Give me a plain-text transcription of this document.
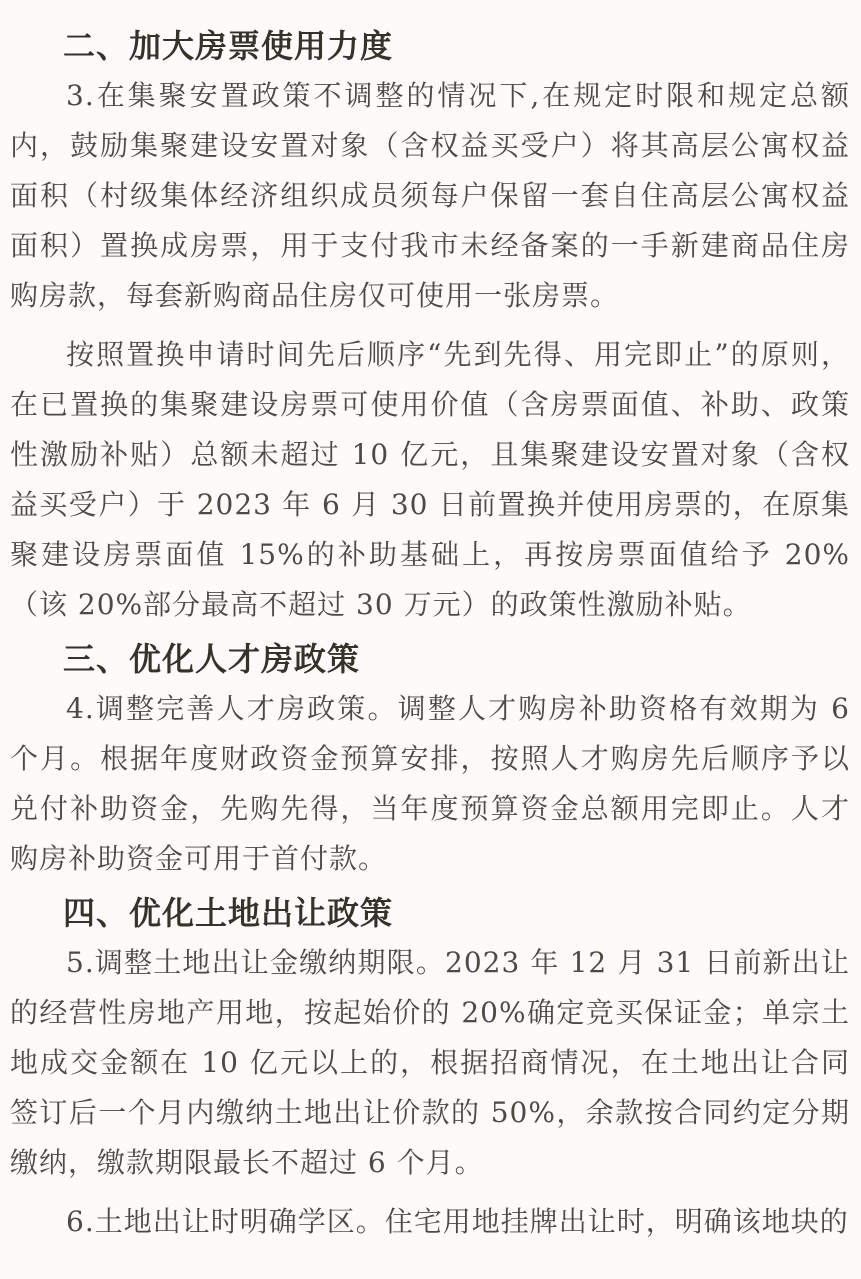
二、加大房票使用力度
3.在集聚安置政策不调整的情况下,在规定时限和规定总额内，鼓励集聚建设安置对象（含权益买受户）将其高层公寓权益面积（村级集体经济组织成员须每户保留一套自住高层公寓权益面积）置换成房票，用于支付我市未经备案的一手新建商品住房购房款，每套新购商品住房仅可使用一张房票。
按照置换申请时间先后顺序“先到先得、用完即止”的原则，在已置换的集聚建设房票可使用价值（含房票面值、补助、政策性激励补贴）总额未超过 10 亿元，且集聚建设安置对象（含权益买受户）于 2023 年 6 月 30 日前置换并使用房票的，在原集聚建设房票面值 15%的补助基础上，再按房票面值给予 20%（该 20%部分最高不超过 30 万元）的政策性激励补贴。
三、优化人才房政策
4.调整完善人才房政策。调整人才购房补助资格有效期为 6 个月。根据年度财政资金预算安排，按照人才购房先后顺序予以兑付补助资金，先购先得，当年度预算资金总额用完即止。人才购房补助资金可用于首付款。
四、优化土地出让政策
5.调整土地出让金缴纳期限。2023 年 12 月 31 日前新出让的经营性房地产用地，按起始价的 20%确定竞买保证金；单宗土地成交金额在 10 亿元以上的，根据招商情况，在土地出让合同签订后一个月内缴纳土地出让价款的 50%，余款按合同约定分期缴纳，缴款期限最长不超过 6 个月。
6.土地出让时明确学区。住宅用地挂牌出让时，明确该地块的
